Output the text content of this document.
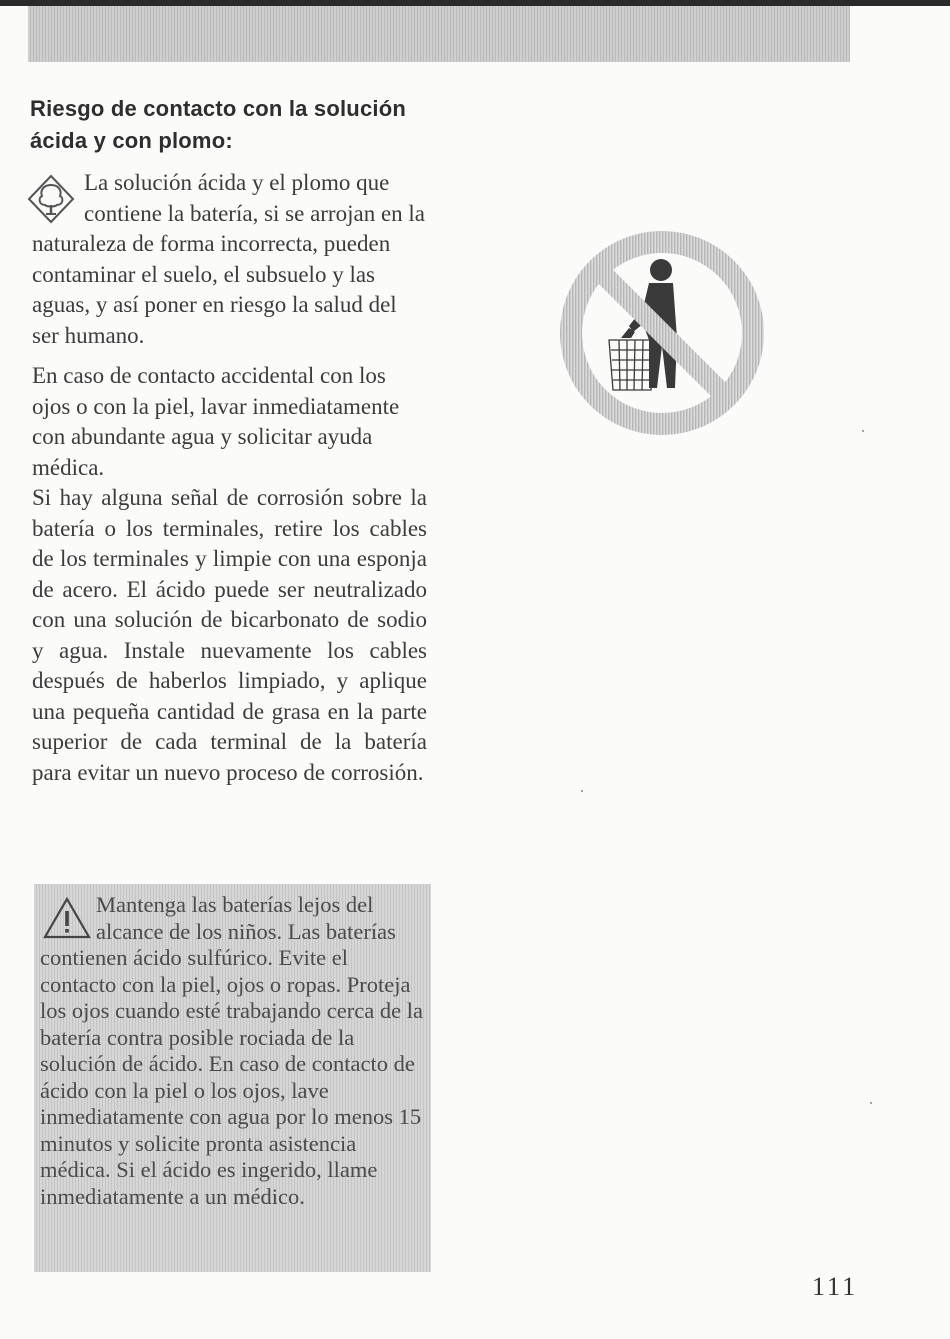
Riesgo de contacto con la solución ácida y con plomo:
La solución ácida y el plomo que contiene la batería, si se arrojan en la naturaleza de forma incorrecta, pueden contaminar el suelo, el subsuelo y las aguas, y así poner en riesgo la salud del ser humano.
En caso de contacto accidental con los ojos o con la piel, lavar inmediatamente con abundante agua y solicitar ayuda médica.
Si hay alguna señal de corrosión sobre la batería o los terminales, retire los cables de los terminales y limpie con una esponja de acero. El ácido puede ser neutralizado con una solución de bicarbonato de sodio y agua. Instale nuevamente los cables después de haberlos limpiado, y aplique una pequeña cantidad de grasa en la parte superior de cada terminal de la batería para evitar un nuevo proceso de corrosión.
Mantenga las baterías lejos del alcance de los niños. Las baterías contienen ácido sulfúrico. Evite el contacto con la piel, ojos o ropas. Proteja los ojos cuando esté trabajando cerca de la batería contra posible rociada de la solución de ácido. En caso de contacto de ácido con la piel o los ojos, lave inmediatamente con agua por lo menos 15 minutos y solicite pronta asistencia médica. Si el ácido es ingerido, llame inmediatamente a un médico.
111
